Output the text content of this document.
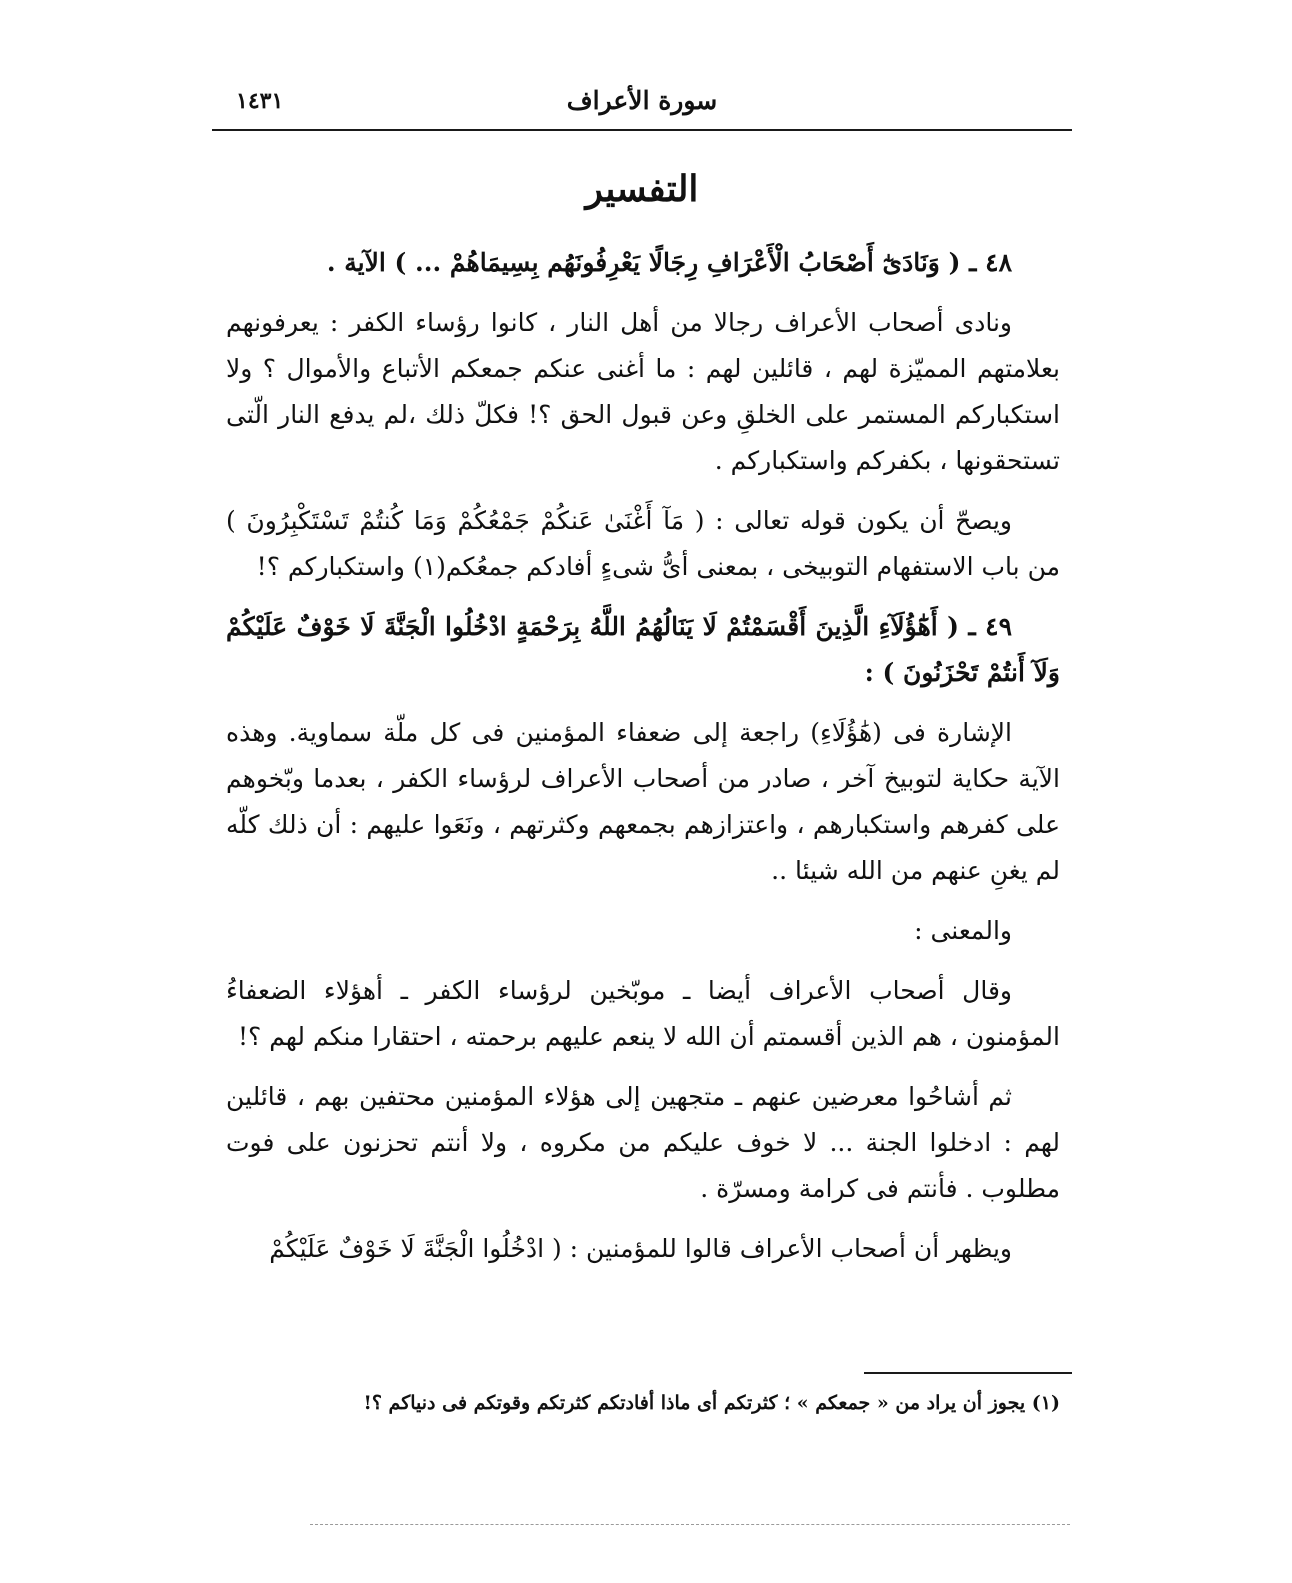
سورة الأعراف
١٤٣١
التفسير

٤٨ ـ ( وَنَادَىٰٓ أَصْحَابُ الْأَعْرَافِ رِجَالًا يَعْرِفُونَهُم بِسِيمَاهُمْ ... ) الآية .

ونادى أصحاب الأعراف رجالا من أهل النار ، كانوا رؤساء الكفر : يعرفونهم بعلامتهم المميّزة لهم ، قائلين لهم : ما أغنى عنكم جمعكم الأتباع والأموال ؟ ولا استكباركم المستمر على الخلقِ وعن قبول الحق ؟! فكلّ ذلك ،لم يدفع النار الّتى تستحقونها ، بكفركم واستكباركم .

ويصحّ أن يكون قوله تعالى : ( مَآ أَغْنَىٰ عَنكُمْ جَمْعُكُمْ وَمَا كُنتُمْ تَسْتَكْبِرُونَ ) من باب الاستفهام التوبيخى ، بمعنى أىُّ شىءٍ أفادكم جمعُكم(١) واستكباركم ؟!

٤٩ ـ ( أَهَٰٓؤُلَآءِ الَّذِينَ أَقْسَمْتُمْ لَا يَنَالُهُمُ اللَّهُ بِرَحْمَةٍ ادْخُلُوا الْجَنَّةَ لَا خَوْفٌ عَلَيْكُمْ وَلَآ أَنتُمْ تَحْزَنُونَ ) :

الإشارة فى (هَٰؤُلَاءِ) راجعة إلى ضعفاء المؤمنين فى كل ملّة سماوية. وهذه الآية حكاية لتوبيخ آخر ، صادر من أصحاب الأعراف لرؤساء الكفر ، بعدما وبّخوهم على كفرهم واستكبارهم ، واعتزازهم بجمعهم وكثرتهم ، ونَعَوا عليهم : أن ذلك كلّه لم يغنِ عنهم من الله شيئا ..

والمعنى :

وقال أصحاب الأعراف أيضا ـ موبّخين لرؤساء الكفر ـ أهؤلاء الضعفاءُ المؤمنون ، هم الذين أقسمتم أن الله لا ينعم عليهم برحمته ، احتقارا منكم لهم ؟!

ثم أشاحُوا معرضين عنهم ـ متجهين إلى هؤلاء المؤمنين محتفين بهم ، قائلين لهم : ادخلوا الجنة ... لا خوف عليكم من مكروه ، ولا أنتم تحزنون على فوت مطلوب . فأنتم فى كرامة ومسرّة .

ويظهر أن أصحاب الأعراف قالوا للمؤمنين : ( ادْخُلُوا الْجَنَّةَ لَا خَوْفٌ عَلَيْكُمْ

(١) يجوز أن يراد من « جمعكم » ؛ كثرتكم أى ماذا أفادتكم كثرتكم وقوتكم فى دنياكم ؟!
